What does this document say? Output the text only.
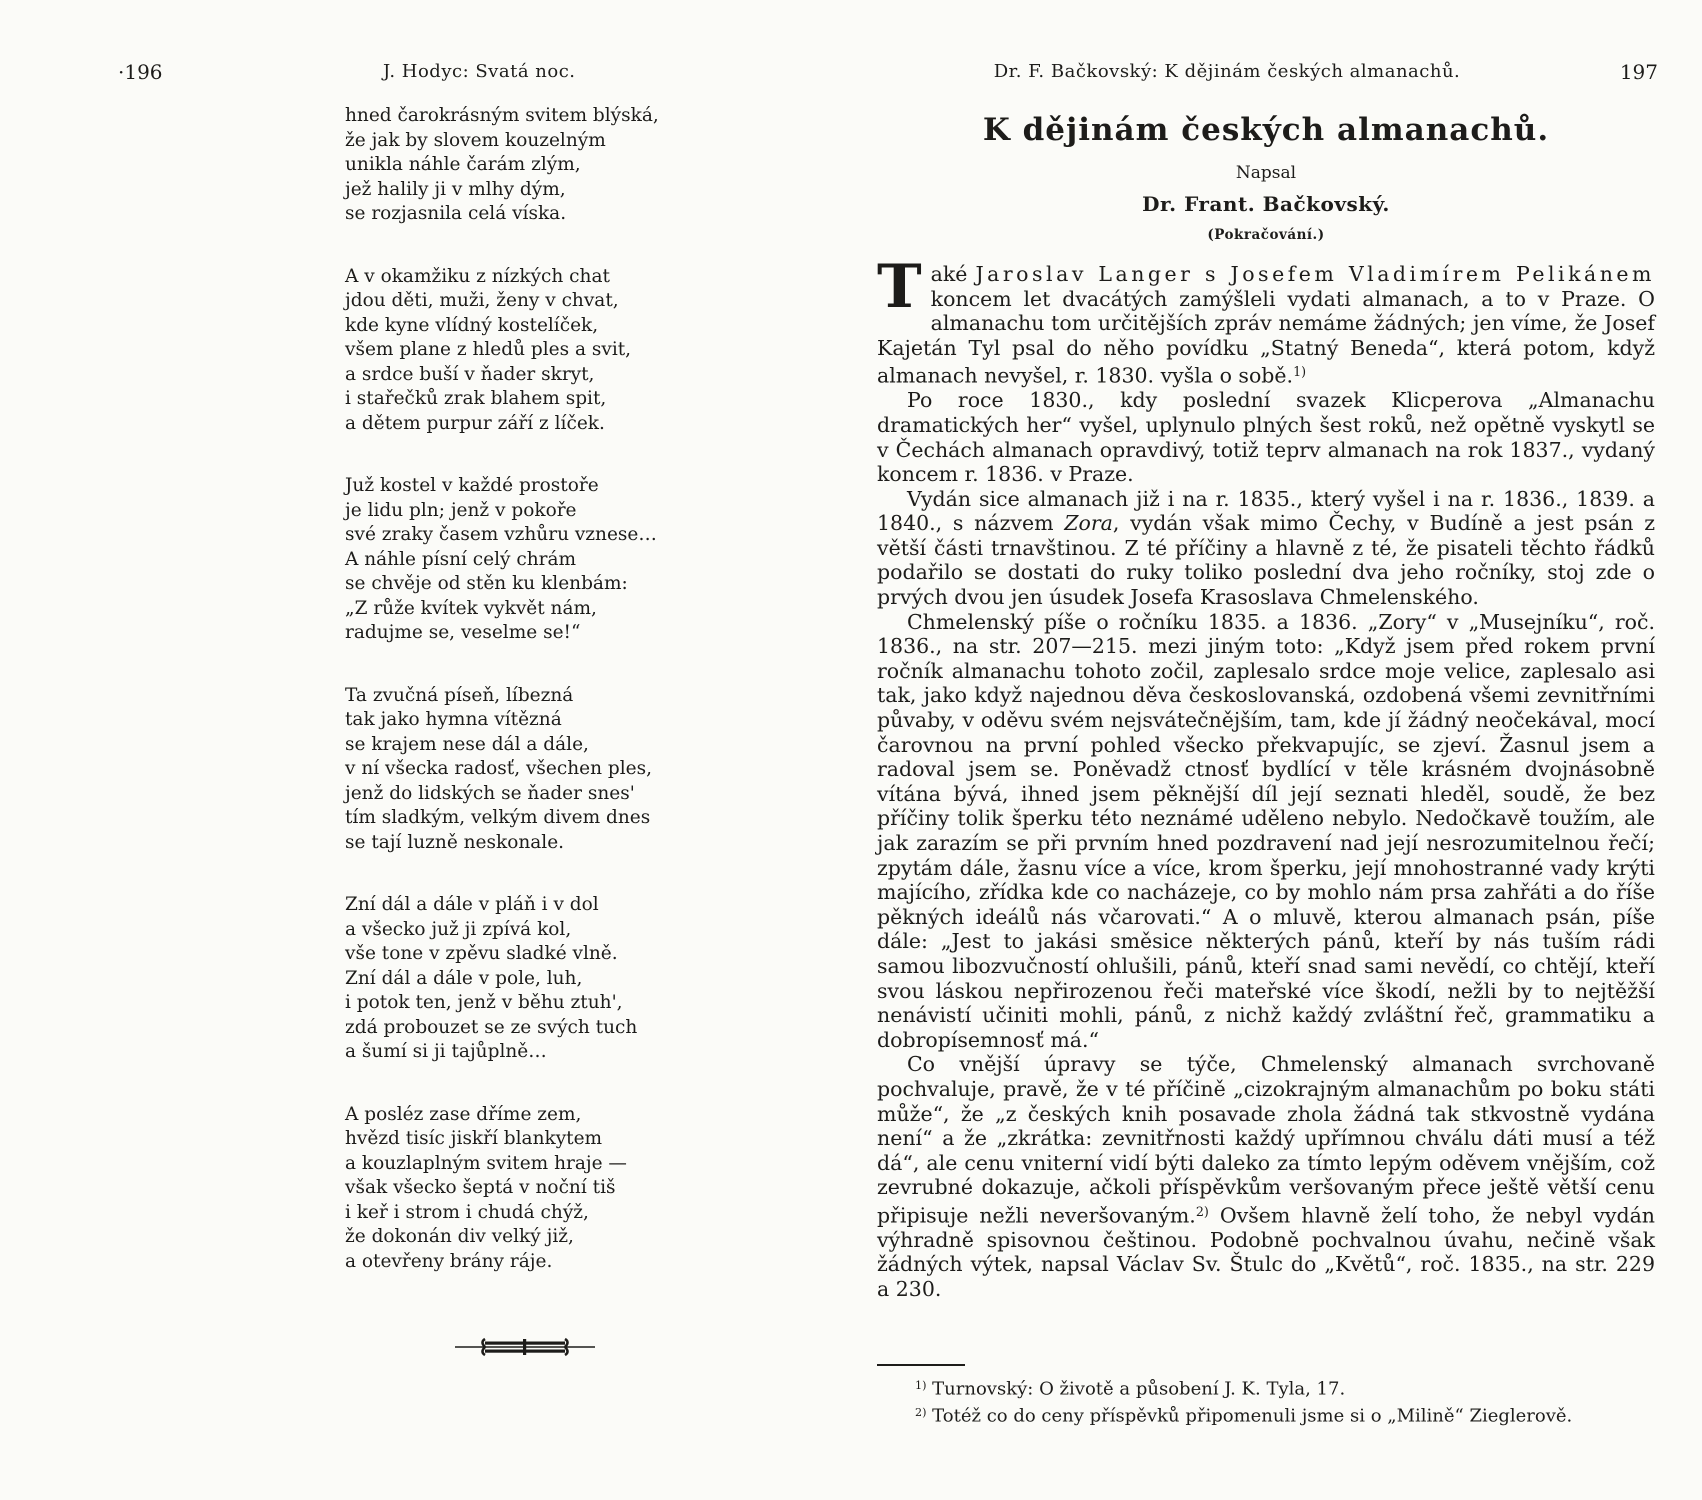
·196	J. Hodyc: Svatá noc.
hned čarokrásným svitem blýská,
že jak by slovem kouzelným
unikla náhle čarám zlým,
jež halily ji v mlhy dým,
se rozjasnila celá víska.
A v okamžiku z nízkých chat
jdou děti, muži, ženy v chvat,
kde kyne vlídný kostelíček,
všem plane z hledů ples a svit,
a srdce buší v ňader skryt,
i stařečků zrak blahem spit,
a dětem purpur září z líček.
Juž kostel v každé prostoře
je lidu pln; jenž v pokoře
své zraky časem vzhůru vznese…
A náhle písní celý chrám
se chvěje od stěn ku klenbám:
„Z růže kvítek vykvět nám,
radujme se, veselme se!“
Ta zvučná píseň, líbezná
tak jako hymna vítězná
se krajem nese dál a dále,
v ní všecka radosť, všechen ples,
jenž do lidských se ňader snes'
tím sladkým, velkým divem dnes
se tají luzně neskonale.
Zní dál a dále v pláň i v dol
a všecko juž ji zpívá kol,
vše tone v zpěvu sladké vlně.
Zní dál a dále v pole, luh,
i potok ten, jenž v běhu ztuh',
zdá probouzet se ze svých tuch
a šumí si ji tajůplně…
A posléz zase dříme zem,
hvězd tisíc jiskří blankytem
a kouzlaplným svitem hraje —
však všecko šeptá v noční tiš
i keř i strom i chudá chýž,
že dokonán div velký již,
a otevřeny brány ráje.
Dr. F. Bačkovský: K dějinám českých almanachů.	197
K dějinám českých almanachů.
Napsal
Dr. Frant. Bačkovský.
(Pokračování.)

Také Jaroslav Langer s Josefem Vladimírem Pelikánem koncem let dvacátých zamýšleli vydati almanach, a to v Praze. O almanachu tom určitějších zpráv nemáme žádných; jen víme, že Josef Kajetán Tyl psal do něho povídku „Statný Beneda“, která potom, když almanach nevyšel, r. 1830. vyšla o sobě.$^{1)}$

Po roce 1830., kdy poslední svazek Klicperova „Almanachu dramatických her“ vyšel, uplynulo plných šest roků, než opětně vyskytl se v Čechách almanach opravdivý, totiž teprv almanach na rok 1837., vydaný koncem r. 1836. v Praze.

Vydán sice almanach již i na r. 1835., který vyšel i na r. 1836., 1839. a 1840., s názvem Zora, vydán však mimo Čechy, v Budíně a jest psán z větší části trnavštinou. Z té příčiny a hlavně z té, že pisateli těchto řádků podařilo se dostati do ruky toliko poslední dva jeho ročníky, stoj zde o prvých dvou jen úsudek Josefa Krasoslava Chmelenského.

Chmelenský píše o ročníku 1835. a 1836. „Zory“ v „Musejníku“, roč. 1836., na str. 207—215. mezi jiným toto: „Když jsem před rokem první ročník almanachu tohoto zočil, zaplesalo srdce moje velice, zaplesalo asi tak, jako když najednou děva českoslovanská, ozdobená všemi zevnitřními půvaby, v oděvu svém nejsvátečnějším, tam, kde jí žádný neočekával, mocí čarovnou na první pohled všecko překvapujíc, se zjeví. Žasnul jsem a radoval jsem se. Poněvadž ctnosť bydlící v těle krásném dvojnásobně vítána bývá, ihned jsem pěknější díl její seznati hleděl, soudě, že bez příčiny tolik šperku této neznámé uděleno nebylo. Nedočkavě toužím, ale jak zarazím se při prvním hned pozdravení nad její nesrozumitelnou řečí; zpytám dále, žasnu více a více, krom šperku, její mnohostranné vady krýti majícího, zřídka kde co nacházeje, co by mohlo nám prsa zahřáti a do říše pěkných ideálů nás včarovati.“ A o mluvě, kterou almanach psán, píše dále: „Jest to jakási směsice některých pánů, kteří by nás tuším rádi samou libozvučností ohlušili, pánů, kteří snad sami nevědí, co chtějí, kteří svou láskou nepřirozenou řeči mateřské více škodí, nežli by to nejtěžší nenávistí učiniti mohli, pánů, z nichž každý zvláštní řeč, grammatiku a dobropísemnosť má.“

Co vnější úpravy se týče, Chmelenský almanach svrchovaně pochvaluje, pravě, že v té příčině „cizokrajným almanachům po boku státi může“, že „z českých knih posavade zhola žádná tak stkvostně vydána není“ a že „zkrátka: zevnitřnosti každý upřímnou chválu dáti musí a též dá“, ale cenu vniterní vidí býti daleko za tímto lepým oděvem vnějším, což zevrubné dokazuje, ačkoli příspěvkům veršovaným přece ještě větší cenu připisuje nežli neveršovaným.$^{2)}$ Ovšem hlavně želí toho, že nebyl vydán výhradně spisovnou češtinou. Podobně pochvalnou úvahu, nečině však žádných výtek, napsal Václav Sv. Štulc do „Květů“, roč. 1835., na str. 229 a 230.

$^{1)}$ Turnovský: O životě a působení J. K. Tyla, 17.
$^{2)}$ Totéž co do ceny příspěvků připomenuli jsme si o „Milině“ Zieglerově.
